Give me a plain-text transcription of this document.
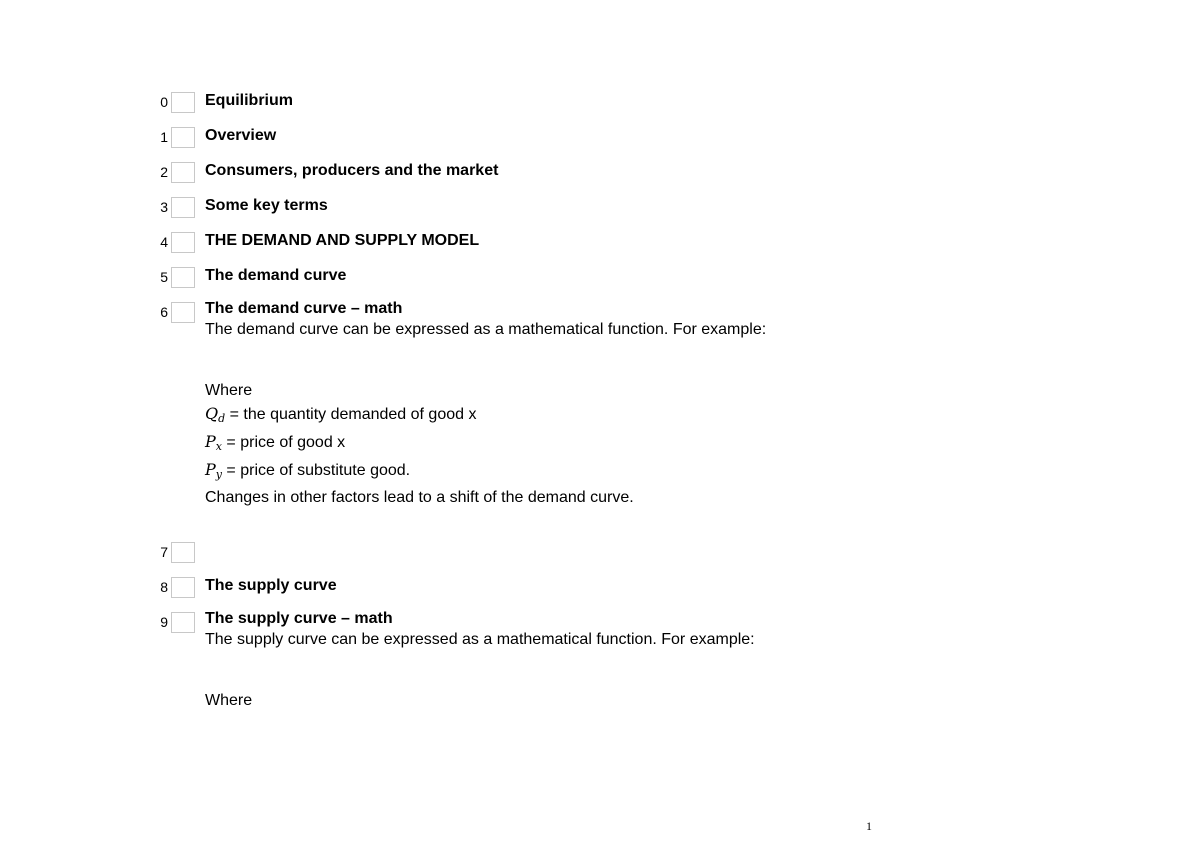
0 Equilibrium
1 Overview
2 Consumers, producers and the market
3 Some key terms
4 THE DEMAND AND SUPPLY MODEL
5 The demand curve
6 The demand curve – math
The demand curve can be expressed as a mathematical function. For example:
Where
$Q_d$ = the quantity demanded of good x
$P_x$ = price of good x
$P_y$ = price of substitute good.
Changes in other factors lead to a shift of the demand curve.
7
8 The supply curve
9 The supply curve – math
The supply curve can be expressed as a mathematical function. For example:
Where
1
